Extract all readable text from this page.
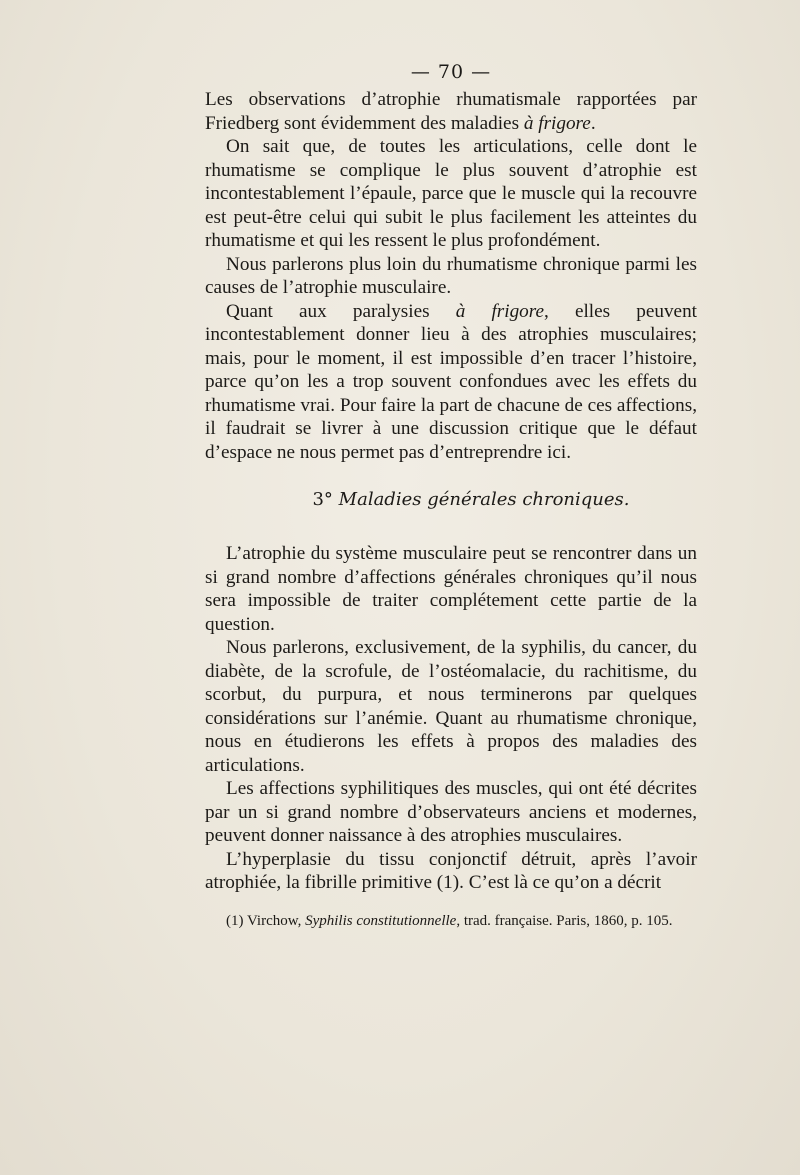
— 70 —

Les observations d’atrophie rhumatismale rapportées par Friedberg sont évidemment des maladies à frigore.

On sait que, de toutes les articulations, celle dont le rhumatisme se complique le plus souvent d’atrophie est incontestablement l’épaule, parce que le muscle qui la recouvre est peut-être celui qui subit le plus facilement les atteintes du rhumatisme et qui les ressent le plus profondément.

Nous parlerons plus loin du rhumatisme chronique parmi les causes de l’atrophie musculaire.

Quant aux paralysies à frigore, elles peuvent incontestablement donner lieu à des atrophies musculaires; mais, pour le moment, il est impossible d’en tracer l’histoire, parce qu’on les a trop souvent confondues avec les effets du rhumatisme vrai. Pour faire la part de chacune de ces affections, il faudrait se livrer à une discussion critique que le défaut d’espace ne nous permet pas d’entreprendre ici.

3° Maladies générales chroniques.

L’atrophie du système musculaire peut se rencontrer dans un si grand nombre d’affections générales chroniques qu’il nous sera impossible de traiter complétement cette partie de la question.

Nous parlerons, exclusivement, de la syphilis, du cancer, du diabète, de la scrofule, de l’ostéomalacie, du rachitisme, du scorbut, du purpura, et nous terminerons par quelques considérations sur l’anémie. Quant au rhumatisme chronique, nous en étudierons les effets à propos des maladies des articulations.

Les affections syphilitiques des muscles, qui ont été décrites par un si grand nombre d’observateurs anciens et modernes, peuvent donner naissance à des atrophies musculaires.

L’hyperplasie du tissu conjonctif détruit, après l’avoir atrophiée, la fibrille primitive (1). C’est là ce qu’on a décrit

(1) Virchow, Syphilis constitutionnelle, trad. française. Paris, 1860, p. 105.
